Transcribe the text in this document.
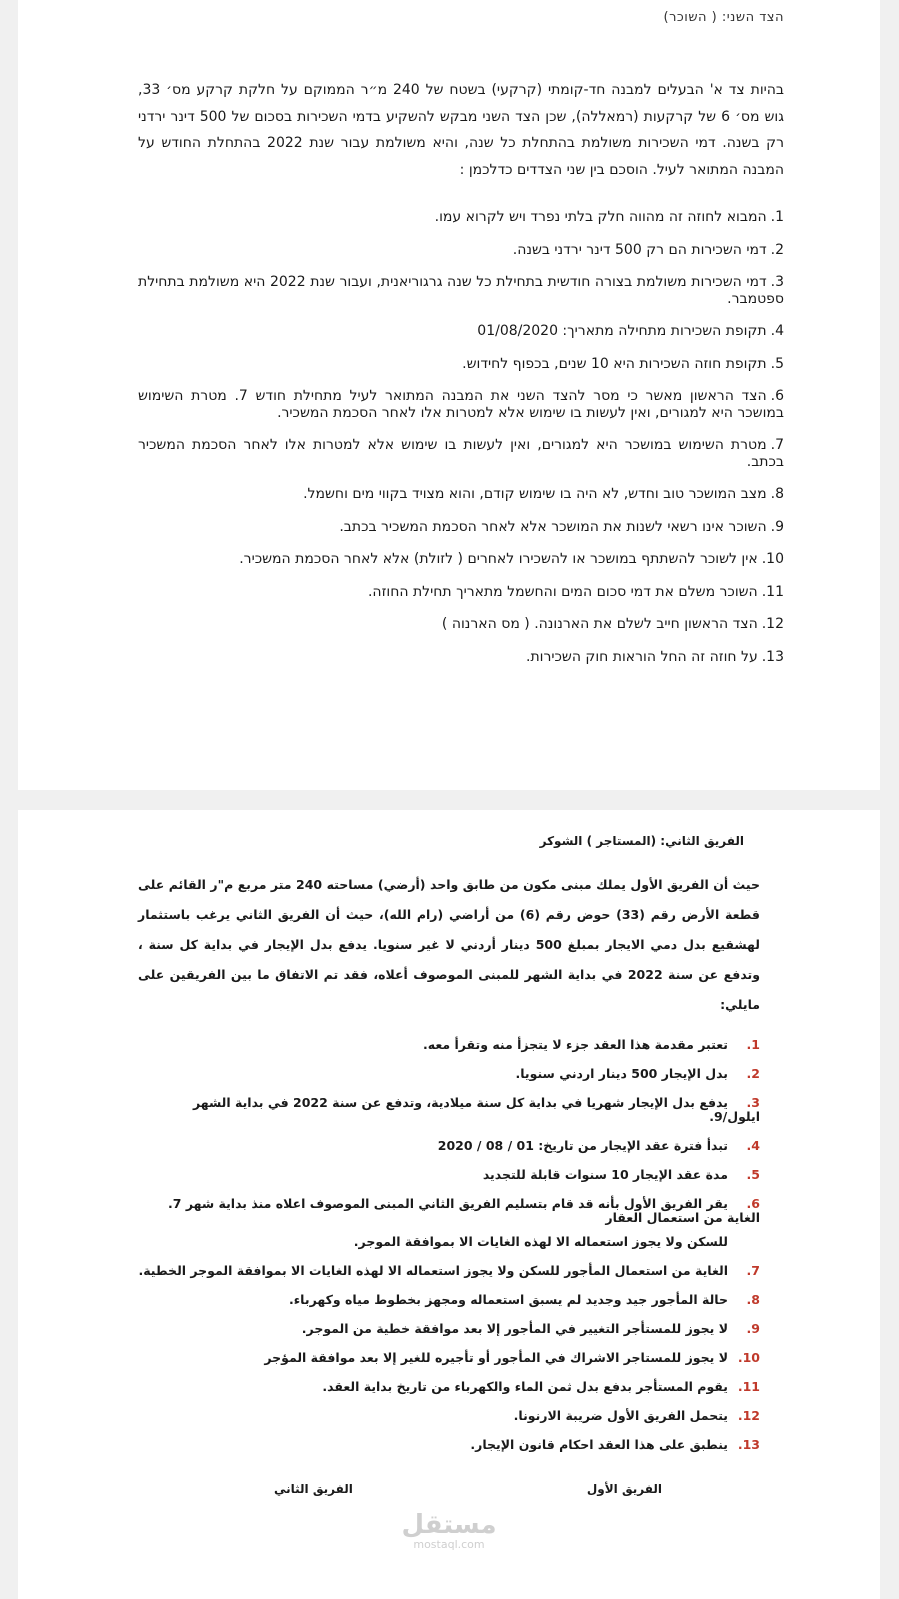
הצד השני: ( השוכר)
בהיות צד א' הבעלים למבנה חד-קומתי (קרקעי) בשטח של 240 מ״ר הממוקם על חלקת קרקע מס׳ 33, גוש מס׳ 6 של קרקעות (רמאללה), שכן הצד השני מבקש להשקיע בדמי השכירות בסכום של 500 דינר ירדני רק בשנה. דמי השכירות משולמת בהתחלת כל שנה, והיא משולמת עבור שנת 2022 בהתחלת החודש על המבנה המתואר לעיל. הוסכם בין שני הצדדים כדלכמן :
1.המבוא לחוזה זה מהווה חלק בלתי נפרד ויש לקרוא עמו.
2.דמי השכירות הם רק 500 דינר ירדני בשנה.
3.דמי השכירות משולמת בצורה חודשית בתחילת כל שנה גרגוריאנית, ועבור שנת 2022 היא משולמת בתחילת ספטמבר.
4.תקופת השכירות מתחילה מתאריך: 01/08/2020
5.תקופת חוזה השכירות היא 10 שנים, בכפוף לחידוש.
6.הצד הראשון מאשר כי מסר להצד השני את המבנה המתואר לעיל מתחילת חודש 7. מטרת השימוש במושכר היא למגורים, ואין לעשות בו שימוש אלא למטרות אלו לאחר הסכמת המשכיר.
7.מטרת השימוש במושכר היא למגורים, ואין לעשות בו שימוש אלא למטרות אלו לאחר הסכמת המשכיר בכתב.
8.מצב המושכר טוב וחדש, לא היה בו שימוש קודם, והוא מצויד בקווי מים וחשמל.
9.השוכר אינו רשאי לשנות את המושכר אלא לאחר הסכמת המשכיר בכתב.
10.אין לשוכר להשתתף במושכר או להשכירו לאחרים ( לזולת) אלא לאחר הסכמת המשכיר.
11.השוכר משלם את דמי סכום המים והחשמל מתאריך תחילת החוזה.
12.הצד הראשון חייב לשלם את הארנונה. ( מס הארנוה )
13.על חוזה זה החל הוראות חוק השכירות.
الفريق الثاني: (المستاجر ) الشوكر
حيث أن الفريق الأول يملك مبنى مكون من طابق واحد (أرضي) مساحته 240 متر مربع م"ر القائم على قطعة الأرض رقم (33) حوض رقم (6) من أراضي (رام الله)، حيث أن الفريق الثاني يرغب باستثمار لهشقيع بدل دمي الايجار بمبلغ 500 دينار أردني لا غير سنويا. يدفع بدل الإيجار في بداية كل سنة ، وتدفع عن سنة 2022 في بداية الشهر للمبنى الموصوف أعلاه، فقد تم الاتفاق ما بين الفريقين على مايلي:
1.تعتبر مقدمة هذا العقد جزء لا يتجزأ منه وتقرأ معه.
2.بدل الإيجار 500 دينار اردني سنويا.
3.يدفع بدل الإيجار شهريا في بداية كل سنة ميلادية، وتدفع عن سنة 2022 في بداية الشهر ايلول/9.
4.تبدأ فترة عقد الإيجار من تاريخ: 01 / 08 / 2020
5.مدة عقد الإيجار 10 سنوات قابلة للتجديد
6.يقر الفريق الأول بأنه قد قام بتسليم الفريق الثاني المبنى الموصوف اعلاه منذ بداية شهر 7. الغاية من استعمال العقار
للسكن ولا يجوز استعماله الا لهذه الغايات الا بموافقة الموجر.
7.الغاية من استعمال المأجور للسكن ولا يجوز استعماله الا لهذه الغايات الا بموافقة الموجر الخطية.
8.حالة المأجور جيد وجديد لم يسبق استعماله ومجهز بخطوط مياه وكهرباء.
9.لا يجوز للمستأجر التغيير في المأجور إلا بعد موافقة خطية من الموجر.
10.لا يجوز للمستاجر الاشراك في المأجور أو تأجيره للغير إلا بعد موافقة المؤجر
11.يقوم المستأجر بدفع بدل ثمن الماء والكهرباء من تاريخ بداية العقد.
12.يتحمل الفريق الأول ضريبة الارنونا.
13.ينطبق على هذا العقد احكام قانون الإيجار.
الفريق الأول
الفريق الثاني
مستقل
mostaql.com
